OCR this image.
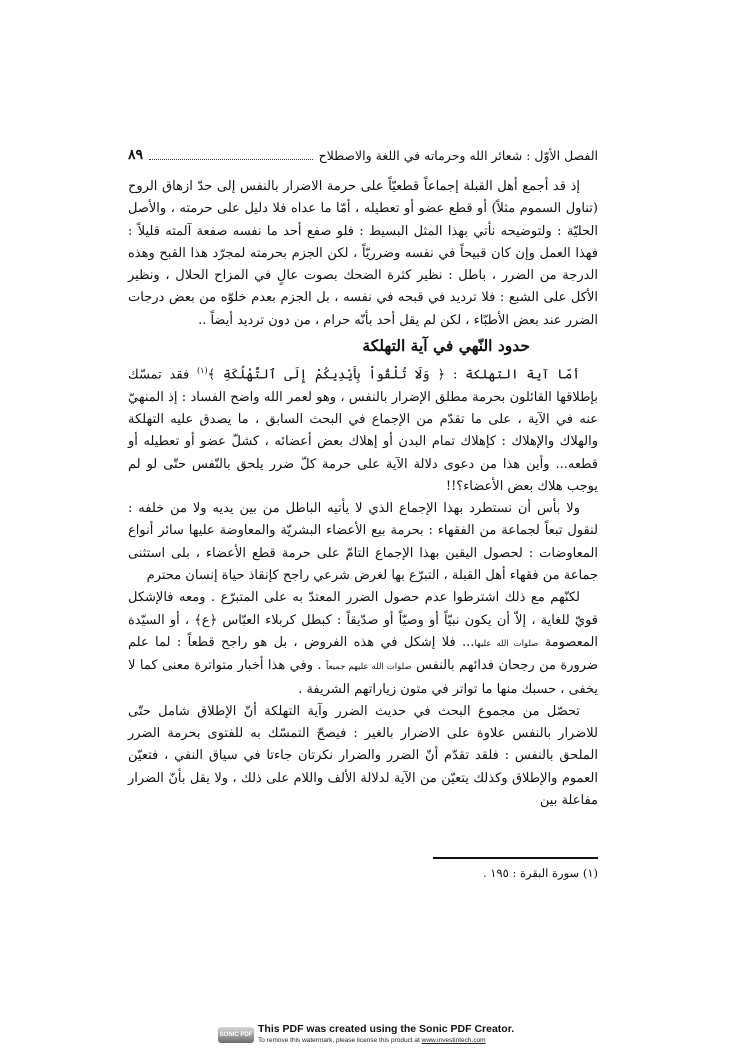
الفصل الأوّل : شعائر الله وحرماته في اللغة والاصطلاح
٨٩

إذ قد أجمع أهل القبلة إجماعاً قطعيّاً على حرمة الاضرار بالنفس إلى حدّ ازهاق الروح (تناول السموم مثلاً) أو قطع عضو أو تعطيله ، أمّا ما عداه فلا دليل على حرمته ، والأصل الحليّة : ولتوضيحه نأتي بهذا المثل البسيط : فلو صفع أحد ما نفسه صفعة آلمته قليلاً : فهذا العمل وإن كان قبيحاً في نفسه وضرريّاً ، لكن الجزم بحرمته لمجرّد هذا القبح وهذه الدرجة من الضرر ، باطل : نظير كثرة الضحك بصوت عالٍ في المزاح الحلال ، ونظير الأكل على الشبع : فلا ترديد في قبحه في نفسه ، بل الجزم بعدم خلوّه من بعض درجات الضرر عند بعض الأطبّاء ، لكن لم يقل أحد بأنّه حرام ، من دون ترديد أيضاً ..

حدود النّهي في آية التهلكة

أمّا آية التهلكة : ﴿ وَلَا تُلْقُواْ بِأَيْدِيكُمْ إِلَى ٱلتَّهْلُكَةِ ﴾$^{(١)}$ فقد تمسّك بإطلاقها القائلون بحرمة مطلق الإضرار بالنفس ، وهو لعمر الله واضح الفساد : إذ المنهيّ عنه في الآية ، على ما تقدّم من الإجماع في البحث السابق ، ما يصدق عليه التهلكة والهلاك والإهلاك : كإهلاك تمام البدن أو إهلاك بعض أعضائه ، كشلّ عضو أو تعطيله أو قطعه... وأين هذا من دعوى دلالة الآية على حرمة كلّ ضرر يلحق بالنّفس حتّى لو لم يوجب هلاك بعض الأعضاء؟!!

ولا بأس أن نستطرد بهذا الإجماع الذي لا يأتيه الباطل من بين يديه ولا من خلفه : لنقول تبعاً لجماعة من الفقهاء : بحرمة بيع الأعضاء البشريّة والمعاوضة عليها سائر أنواع المعاوضات : لحصول اليقين بهذا الإجماع التامّ على حرمة قطع الأعضاء ، بلى استثنى جماعة من فقهاء أهل القبلة ، التبرّع بها لغرض شرعي راجح كإنقاذ حياة إنسان محترم

لكنّهم مع ذلك اشترطوا عدم حصول الضرر المعتدّ به على المتبرّع . ومعه فالإشكل قويّ للغاية ، إلاّ أن يكون نبيّاً أو وصيّاً أو صدّيقاً : كبطل كربلاء العبّاس ﴿ع﴾ ، أو السيّدة المعصومة صلوات الله عليها... فلا إشكل في هذه الفروض ، بل هو راجح قطعاً : لما علم ضرورة من رجحان فدائهم بالنفس صلوات الله عليهم جميعاً . وفي هذا أخبار متواترة معنى كما لا يخفى ، حسبك منها ما تواتر في متون زياراتهم الشريفة .

تحصّل من مجموع البحث في حديث الضرر وآية التهلكة أنّ الإطلاق شامل حتّى للاضرار بالنفس علاوة على الاضرار بالغير : فيصحّ التمسّك به للفتوى بحرمة الضرر الملحق بالنفس : فلقد تقدّم أنّ الضرر والضرار نكرتان جاءتا في سياق النفي ، فتعيّن العموم والإطلاق وكذلك يتعيّن من الآية لدلالة الألف واللام على ذلك ، ولا يقل بأنّ الضرار مفاعلة بين

(١) سورة البقرة : ١٩٥ .
SONIC PDF This PDF was created using the Sonic PDF Creator.
To remove this watermark, please license this product at www.investintech.com
